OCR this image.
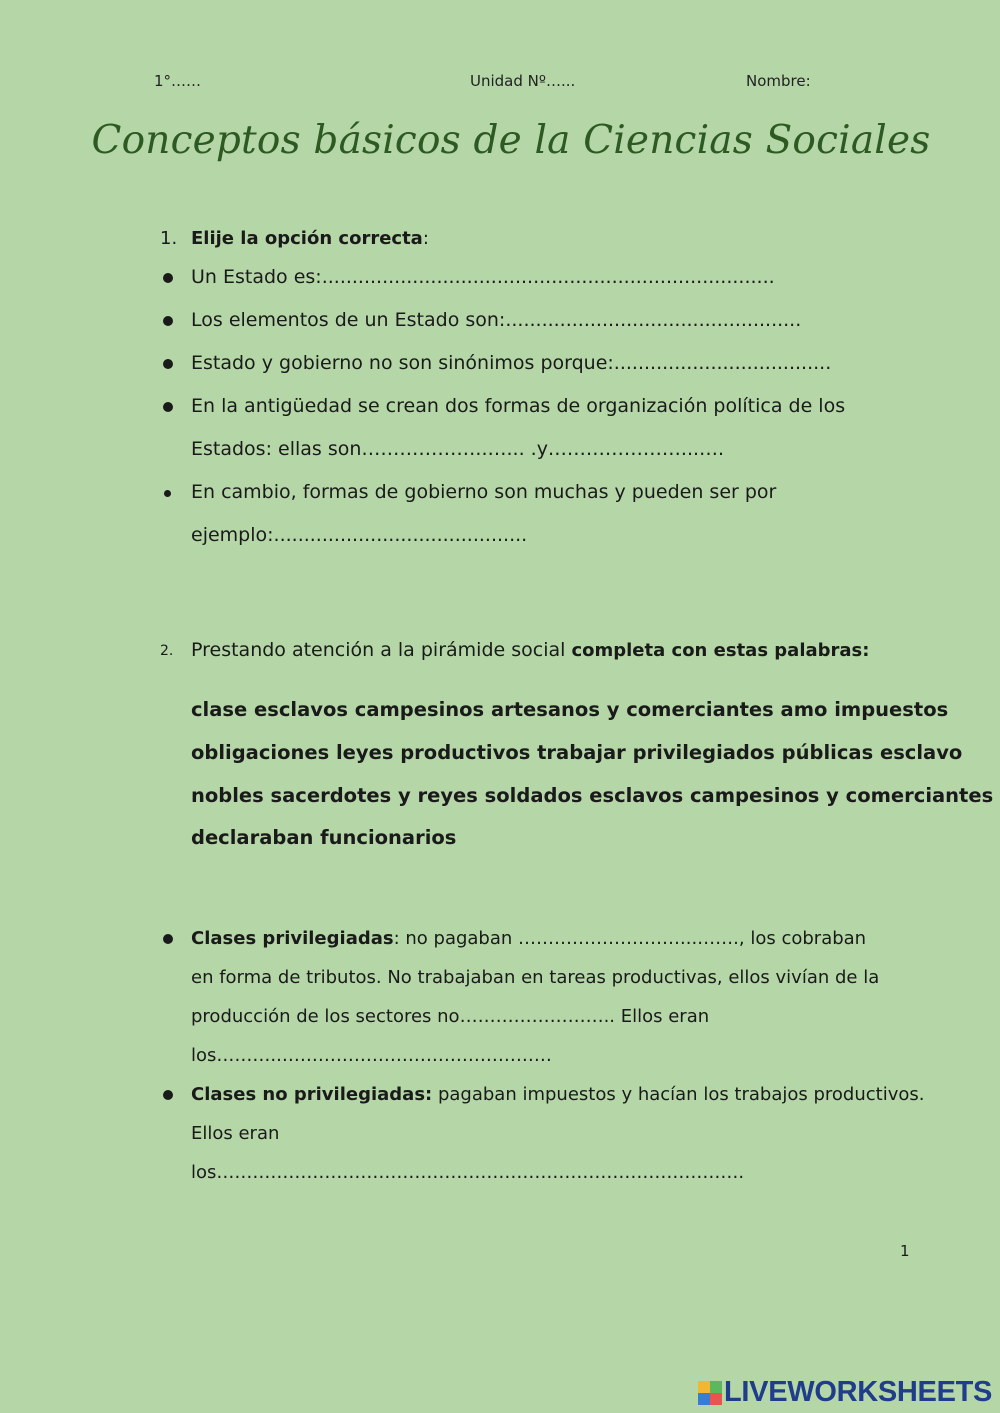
1°……	Unidad Nº…...	Nombre:
Conceptos básicos de la Ciencias Sociales
1. Elije la opción correcta:
Un Estado es:...........................................................................
Los elementos de un Estado son:.................................................
Estado y gobierno no son sinónimos porque:....................................
En la antigüedad se crean dos formas de organización política de los
Estados: ellas son………………..…... .y…………………...….
En cambio, formas de gobierno son muchas y pueden ser por
ejemplo:..........................................
2. Prestando atención a la pirámide social completa con estas palabras:
clase esclavos campesinos artesanos y comerciantes amo impuestos
obligaciones leyes productivos trabajar privilegiados públicas esclavo
nobles sacerdotes y reyes soldados esclavos campesinos y comerciantes
declaraban funcionarios
Clases privilegiadas: no pagaban ………………………...……., los cobraban
en forma de tributos. No trabajaban en tareas productivas, ellos vivían de la
producción de los sectores no…………………….. Ellos eran
los………..………………………………………
Clases no privilegiadas: pagaban impuestos y hacían los trabajos productivos.
Ellos eran
los…………………………………………………………………………….
1
LIVEWORKSHEETS
